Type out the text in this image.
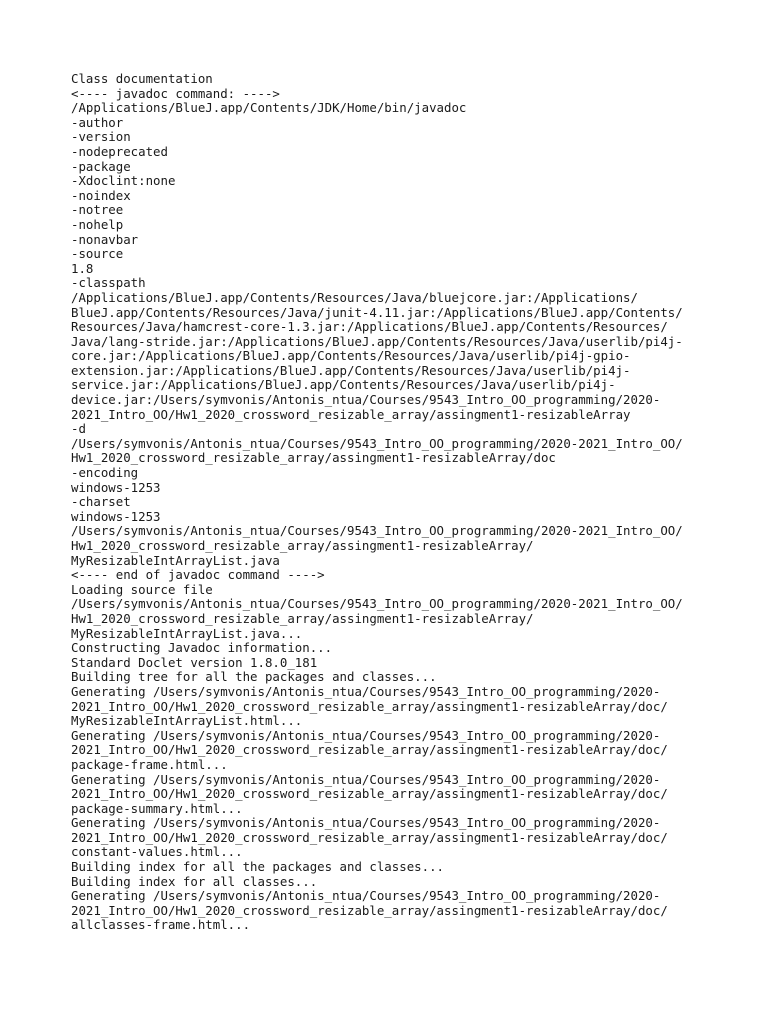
Class documentation
<---- javadoc command: ---->
/Applications/BlueJ.app/Contents/JDK/Home/bin/javadoc
-author
-version
-nodeprecated
-package
-Xdoclint:none
-noindex
-notree
-nohelp
-nonavbar
-source
1.8
-classpath
/Applications/BlueJ.app/Contents/Resources/Java/bluejcore.jar:/Applications/
BlueJ.app/Contents/Resources/Java/junit-4.11.jar:/Applications/BlueJ.app/Contents/
Resources/Java/hamcrest-core-1.3.jar:/Applications/BlueJ.app/Contents/Resources/
Java/lang-stride.jar:/Applications/BlueJ.app/Contents/Resources/Java/userlib/pi4j-
core.jar:/Applications/BlueJ.app/Contents/Resources/Java/userlib/pi4j-gpio-
extension.jar:/Applications/BlueJ.app/Contents/Resources/Java/userlib/pi4j-
service.jar:/Applications/BlueJ.app/Contents/Resources/Java/userlib/pi4j-
device.jar:/Users/symvonis/Antonis_ntua/Courses/9543_Intro_OO_programming/2020-
2021_Intro_OO/Hw1_2020_crossword_resizable_array/assingment1-resizableArray
-d
/Users/symvonis/Antonis_ntua/Courses/9543_Intro_OO_programming/2020-2021_Intro_OO/
Hw1_2020_crossword_resizable_array/assingment1-resizableArray/doc
-encoding
windows-1253
-charset
windows-1253
/Users/symvonis/Antonis_ntua/Courses/9543_Intro_OO_programming/2020-2021_Intro_OO/
Hw1_2020_crossword_resizable_array/assingment1-resizableArray/
MyResizableIntArrayList.java
<---- end of javadoc command ---->
Loading source file
/Users/symvonis/Antonis_ntua/Courses/9543_Intro_OO_programming/2020-2021_Intro_OO/
Hw1_2020_crossword_resizable_array/assingment1-resizableArray/
MyResizableIntArrayList.java...
Constructing Javadoc information...
Standard Doclet version 1.8.0_181
Building tree for all the packages and classes...
Generating /Users/symvonis/Antonis_ntua/Courses/9543_Intro_OO_programming/2020-
2021_Intro_OO/Hw1_2020_crossword_resizable_array/assingment1-resizableArray/doc/
MyResizableIntArrayList.html...
Generating /Users/symvonis/Antonis_ntua/Courses/9543_Intro_OO_programming/2020-
2021_Intro_OO/Hw1_2020_crossword_resizable_array/assingment1-resizableArray/doc/
package-frame.html...
Generating /Users/symvonis/Antonis_ntua/Courses/9543_Intro_OO_programming/2020-
2021_Intro_OO/Hw1_2020_crossword_resizable_array/assingment1-resizableArray/doc/
package-summary.html...
Generating /Users/symvonis/Antonis_ntua/Courses/9543_Intro_OO_programming/2020-
2021_Intro_OO/Hw1_2020_crossword_resizable_array/assingment1-resizableArray/doc/
constant-values.html...
Building index for all the packages and classes...
Building index for all classes...
Generating /Users/symvonis/Antonis_ntua/Courses/9543_Intro_OO_programming/2020-
2021_Intro_OO/Hw1_2020_crossword_resizable_array/assingment1-resizableArray/doc/
allclasses-frame.html...
